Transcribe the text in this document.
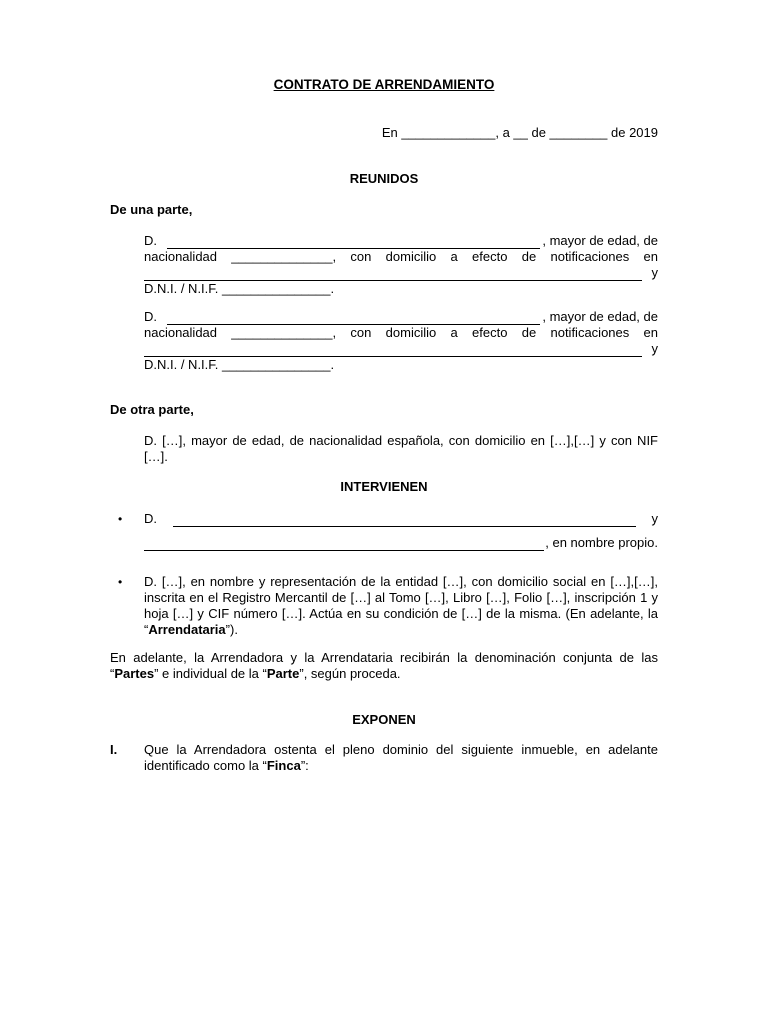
CONTRATO DE ARRENDAMIENTO
En _____________, a __ de ________ de 2019
REUNIDOS
De una parte,
D.	, mayor de edad, de
nacionalidad ______________, con domicilio a efecto de notificaciones en
y
D.N.I. / N.I.F. _______________.
D.	, mayor de edad, de
nacionalidad ______________, con domicilio a efecto de notificaciones en
y
D.N.I. / N.I.F. _______________.
De otra parte,
D. […], mayor de edad, de nacionalidad española, con domicilio en […],[…] y con NIF […].
INTERVIENEN
• D.	y
, en nombre propio.
• D. […], en nombre y representación de la entidad […], con domicilio social en […],[…], inscrita en el Registro Mercantil de […] al Tomo […], Libro […], Folio […], inscripción 1 y hoja […] y CIF número […]. Actúa en su condición de […] de la misma. (En adelante, la “Arrendataria”).
En adelante, la Arrendadora y la Arrendataria recibirán la denominación conjunta de las “Partes” e individual de la “Parte”, según proceda.
EXPONEN
I. Que la Arrendadora ostenta el pleno dominio del siguiente inmueble, en adelante identificado como la “Finca”:
